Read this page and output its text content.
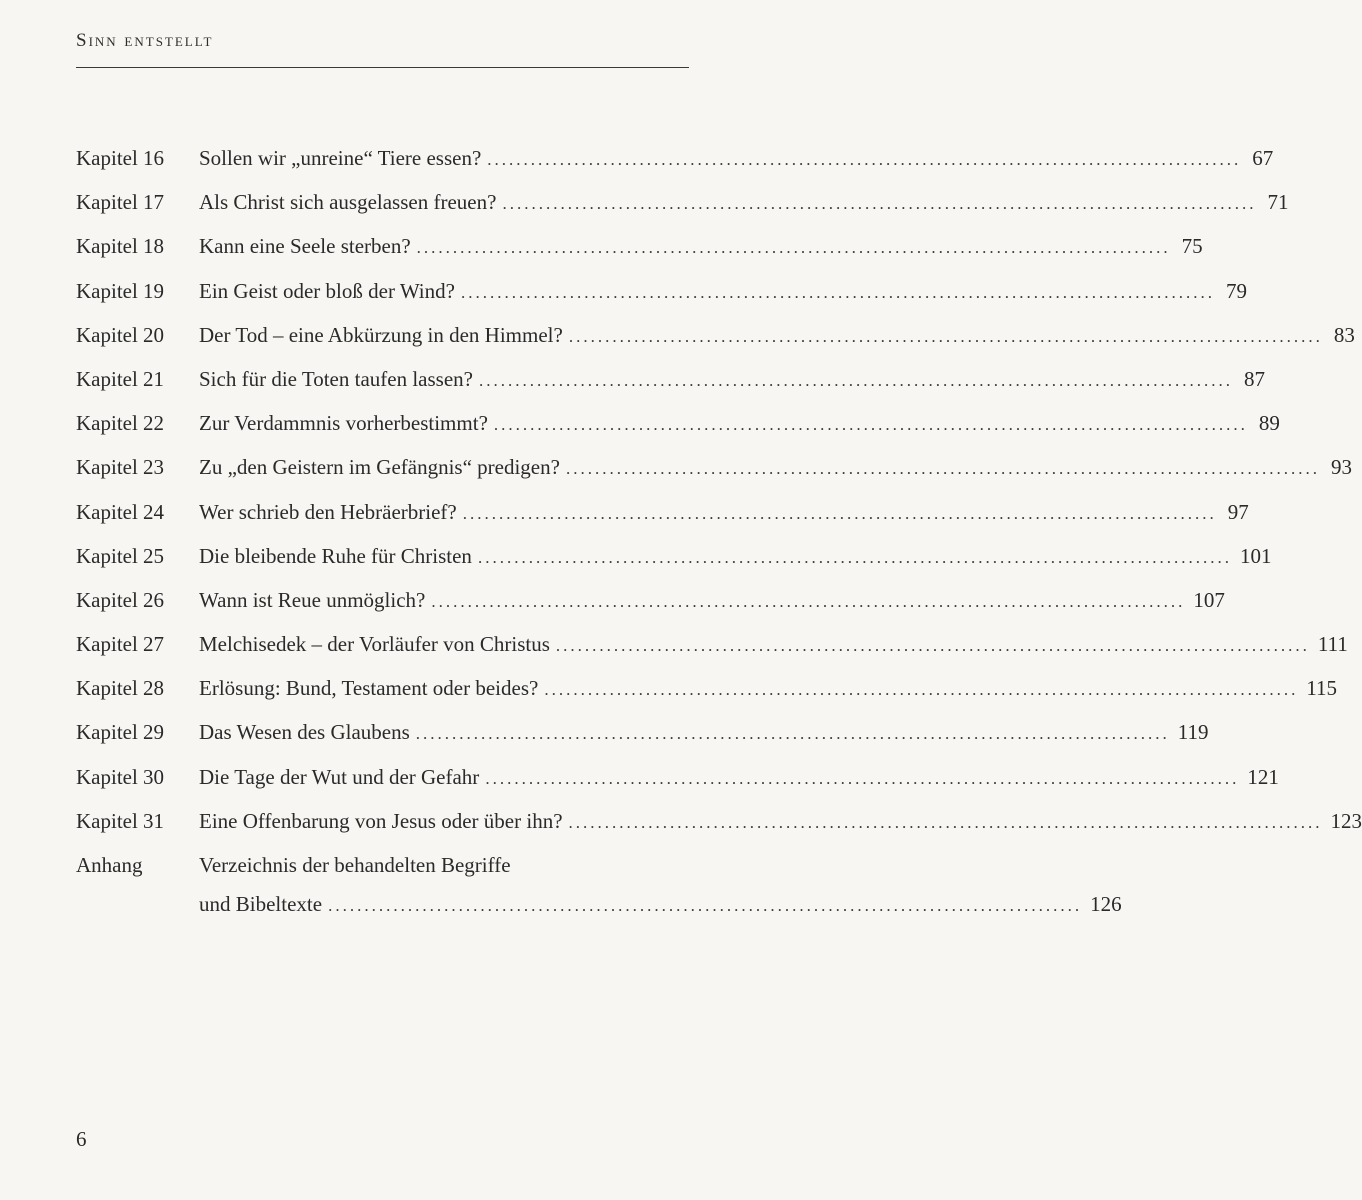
Sinn entstellt
Kapitel 16	Sollen wir „unreine“ Tiere essen? ........................................................................................................ 67
Kapitel 17	Als Christ sich ausgelassen freuen? ........................................................................................................ 71
Kapitel 18	Kann eine Seele sterben? ........................................................................................................ 75
Kapitel 19	Ein Geist oder bloß der Wind? ........................................................................................................ 79
Kapitel 20	Der Tod – eine Abkürzung in den Himmel? ........................................................................................................ 83
Kapitel 21	Sich für die Toten taufen lassen? ........................................................................................................ 87
Kapitel 22	Zur Verdammnis vorherbestimmt? ........................................................................................................ 89
Kapitel 23	Zu „den Geistern im Gefängnis“ predigen? ........................................................................................................ 93
Kapitel 24	Wer schrieb den Hebräerbrief? ........................................................................................................ 97
Kapitel 25	Die bleibende Ruhe für Christen ........................................................................................................ 101
Kapitel 26	Wann ist Reue unmöglich? ........................................................................................................ 107
Kapitel 27	Melchisedek – der Vorläufer von Christus ........................................................................................................ 111
Kapitel 28	Erlösung: Bund, Testament oder beides? ........................................................................................................ 115
Kapitel 29	Das Wesen des Glaubens ........................................................................................................ 119
Kapitel 30	Die Tage der Wut und der Gefahr ........................................................................................................ 121
Kapitel 31	Eine Offenbarung von Jesus oder über ihn? ........................................................................................................ 123
Anhang	Verzeichnis der behandelten Begriffe
und Bibeltexte ........................................................................................................ 126
6
